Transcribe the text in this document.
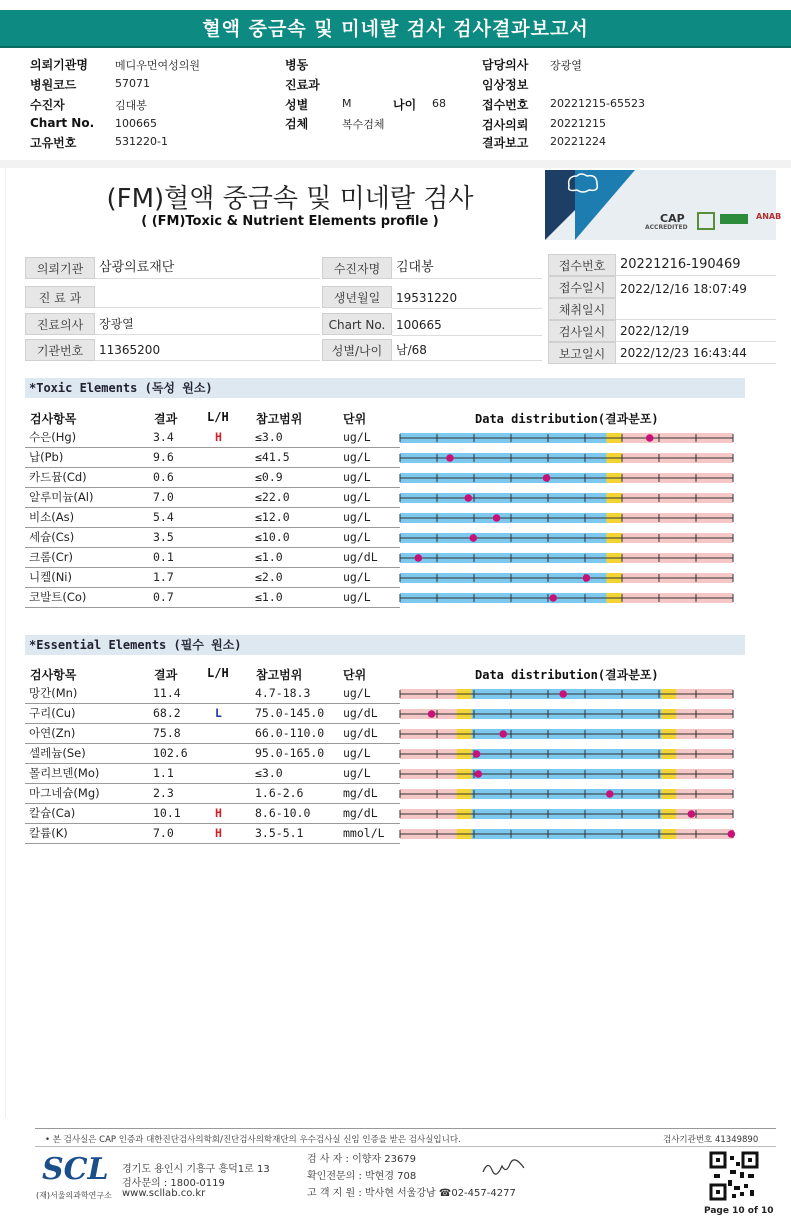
혈액 중금속 및 미네랄 검사 검사결과보고서
의뢰기관명 메디우먼여성의원
병원코드	57071
수진자	김대봉
Chart No. 100665
고유번호	531220-1
병동
진료과
성별	M	나이 68
검체	복수검체
담당의사 장광열
임상정보
접수번호 20221215-65523
검사의뢰 20221215
결과보고 20221224
CAP
ACCREDITED
ANAB
(FM)혈액 중금속 및 미네랄 검사
( (FM)Toxic & Nutrient Elements profile )
의뢰기관	삼광의료재단	수진자명	김대봉	접수번호	20221216-190469
접수일시	2022/12/16 18:07:49
진 료 과	생년월일	19531220
채취일시
진료의사	장광열	Chart No. 100665	검사일시	2022/12/19
기관번호	11365200	성별/나이	남/68	보고일시	2022/12/23 16:43:44
*Toxic Elements (독성 원소)
검사항목	결과 L/H 참고범위	단위	Data distribution(결과분포)
수은(Hg)	3.4	H	≤3.0	ug/L
납(Pb)	9.6	≤41.5	ug/L
카드뮴(Cd)	0.6	≤0.9	ug/L
알루미늄(Al)	7.0	≤22.0	ug/L
비소(As)	5.4	≤12.0	ug/L
세슘(Cs)	3.5	≤10.0	ug/L
크롬(Cr)	0.1	≤1.0	ug/dL
니켈(Ni)	1.7	≤2.0	ug/L
코발트(Co)	0.7	≤1.0	ug/L
*Essential Elements (필수 원소)
검사항목	결과 L/H 참고범위	단위	Data distribution(결과분포)
망간(Mn)	11.4	4.7-18.3	ug/L
구리(Cu)	68.2	L	75.0-145.0 ug/dL
아연(Zn)	75.8	66.0-110.0 ug/dL
셀레늄(Se)	102.6	95.0-165.0 ug/L
몰리브덴(Mo)	1.1	≤3.0	ug/L
마그네슘(Mg)	2.3	1.6-2.6	mg/dL
칼슘(Ca)	10.1	H	8.6-10.0	mg/dL
칼륨(K)	7.0	H	3.5-5.1	mmol/L
• 본 검사실은 CAP 인증과 대한진단검사의학회/진단검사의학재단의 우수검사실 신임 인증을 받은 검사실입니다.	검사기관번호 41349890
SCL
(재)서울의과학연구소
경기도 용인시 기흥구 흥덕1로 13
검사문의 : 1800-0119
www.scllab.co.kr
검 사 자 : 이향자 23679
확인전문의 : 박현경 708
고 객 지 원 : 박사현 서울강남 ☎02-457-4277
Page 10 of 10
